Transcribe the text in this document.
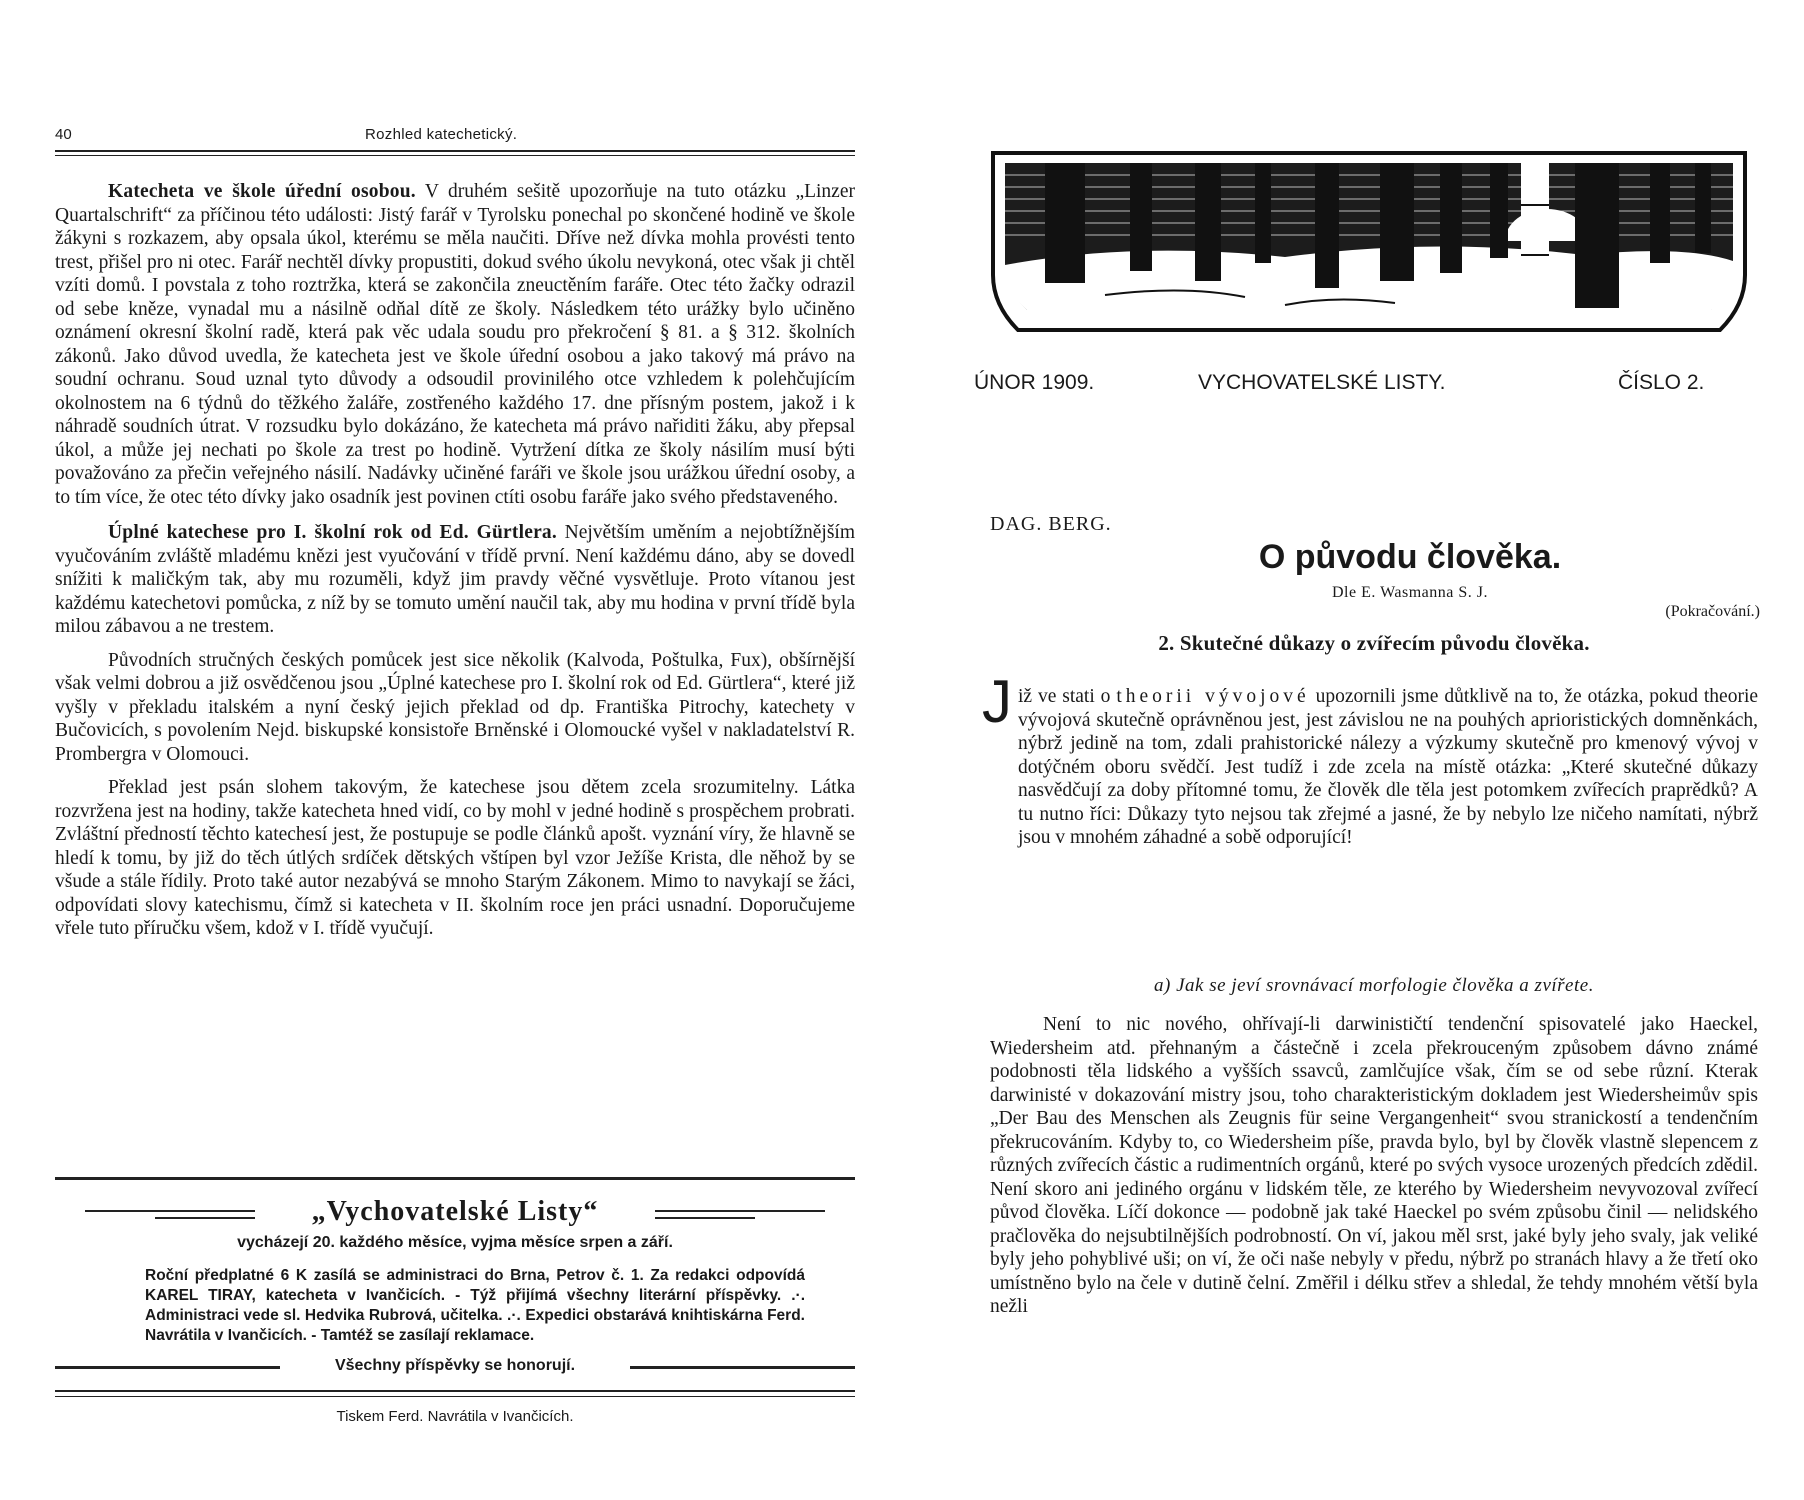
40	Rozhled katechetický.

Katecheta ve škole úřední osobou. V druhém sešitě upozorňuje na tuto otázku „Linzer Quartalschrift“ za příčinou této události: Jistý farář v Tyrolsku ponechal po skončené hodině ve škole žákyni s rozkazem, aby opsala úkol, kterému se měla naučiti. Dříve než dívka mohla provésti tento trest, přišel pro ni otec. Farář nechtěl dívky propustiti, dokud svého úkolu nevykoná, otec však ji chtěl vzíti domů. I povstala z toho roztržka, která se zakončila zneuctěním faráře. Otec této žačky odrazil od sebe kněze, vynadal mu a násilně odňal dítě ze školy. Následkem této urážky bylo učiněno oznámení okresní školní radě, která pak věc udala soudu pro překročení § 81. a § 312. školních zákonů. Jako důvod uvedla, že katecheta jest ve škole úřední osobou a jako takový má právo na soudní ochranu. Soud uznal tyto důvody a odsoudil provinilého otce vzhledem k polehčujícím okolnostem na 6 týdnů do těžkého žaláře, zostřeného každého 17. dne přísným postem, jakož i k náhradě soudních útrat. V rozsudku bylo dokázáno, že katecheta má právo nařiditi žáku, aby přepsal úkol, a může jej nechati po škole za trest po hodině. Vytržení dítka ze školy násilím musí býti považováno za přečin veřejného násilí. Nadávky učiněné faráři ve škole jsou urážkou úřední osoby, a to tím více, že otec této dívky jako osadník jest povinen ctíti osobu faráře jako svého představeného.

Úplné katechese pro I. školní rok od Ed. Gürtlera. Největším uměním a nejobtížnějším vyučováním zvláště mladému knězi jest vyučování v třídě první. Není každému dáno, aby se dovedl snížiti k maličkým tak, aby mu rozuměli, když jim pravdy věčné vysvětluje. Proto vítanou jest každému katechetovi pomůcka, z níž by se tomuto umění naučil tak, aby mu hodina v první třídě byla milou zábavou a ne trestem.

Původních stručných českých pomůcek jest sice několik (Kalvoda, Poštulka, Fux), obšírnější však velmi dobrou a již osvědčenou jsou „Úplné katechese pro I. školní rok od Ed. Gürtlera“, které již vyšly v překladu italském a nyní český jejich překlad od dp. Františka Pitrochy, katechety v Bučovicích, s povolením Nejd. biskupské konsistoře Brněnské i Olomoucké vyšel v nakladatelství R. Prombergra v Olomouci.

Překlad jest psán slohem takovým, že katechese jsou dětem zcela srozumitelny. Látka rozvržena jest na hodiny, takže katecheta hned vidí, co by mohl v jedné hodině s prospěchem probrati. Zvláštní předností těchto katechesí jest, že postupuje se podle článků apošt. vyznání víry, že hlavně se hledí k tomu, by již do těch útlých srdíček dětských vštípen byl vzor Ježíše Krista, dle něhož by se všude a stále řídily. Proto také autor nezabývá se mnoho Starým Zákonem. Mimo to navykají se žáci, odpovídati slovy katechismu, čímž si katecheta v II. školním roce jen práci usnadní. Doporučujeme vřele tuto příručku všem, kdož v I. třídě vyučují.

„Vychovatelské Listy“
vycházejí 20. každého měsíce, vyjma měsíce srpen a září.
Roční předplatné 6 K zasílá se administraci do Brna, Petrov č. 1. Za redakci odpovídá KAREL TIRAY, katecheta v Ivančicích. - Týž přijímá všechny literární příspěvky. .·. Administraci vede sl. Hedvika Rubrová, učitelka. .·. Expedici obstarává knihtiskárna Ferd. Navrátila v Ivančicích. - Tamtéž se zasílají reklamace.
Všechny příspěvky se honorují.
Tiskem Ferd. Navrátila v Ivančicích.
ÚNOR 1909.	VYCHOVATELSKÉ LISTY.	ČÍSLO 2.
DAG. BERG.
O původu člověka.
Dle E. Wasmanna S. J.
(Pokračování.)
2. Skutečné důkazy o zvířecím původu člověka.
J iž ve stati o theorii vývojové upozornili jsme důtklivě na to, že otázka, pokud theorie vývojová skutečně oprávněnou jest, jest závislou ne na pouhých aprioristických domněnkách, nýbrž jedině na tom, zdali prahistorické nálezy a výzkumy skutečně pro kmenový vývoj v dotýčném oboru svědčí. Jest tudíž i zde zcela na místě otázka: „Které skutečné důkazy nasvědčují za doby přítomné tomu, že člověk dle těla jest potomkem zvířecích praprědků? A tu nutno říci: Důkazy tyto nejsou tak zřejmé a jasné, že by nebylo lze ničeho namítati, nýbrž jsou v mnohém záhadné a sobě odporující!

a) Jak se jeví srovnávací morfologie člověka a zvířete.

Není to nic nového, ohřívají-li darwinističtí tendenční spisovatelé jako Haeckel, Wiedersheim atd. přehnaným a částečně i zcela překrouceným způsobem dávno známé podobnosti těla lidského a vyšších ssavců, zamlčujíce však, čím se od sebe různí. Kterak darwinisté v dokazování mistry jsou, toho charakteristickým dokladem jest Wiedersheimův spis „Der Bau des Menschen als Zeugnis für seine Vergangenheit“ svou stranickostí a tendenčním překrucováním. Kdyby to, co Wiedersheim píše, pravda bylo, byl by člověk vlastně slepencem z různých zvířecích částic a rudimentních orgánů, které po svých vysoce urozených předcích zdědil. Není skoro ani jediného orgánu v lidském těle, ze kterého by Wiedersheim nevyvozoval zvířecí původ člověka. Líčí dokonce — podobně jak také Haeckel po svém způsobu činil — nelidského pračlověka do nejsubtilnějších podrobností. On ví, jakou měl srst, jaké byly jeho svaly, jak veliké byly jeho pohyblivé uši; on ví, že oči naše nebyly v předu, nýbrž po stranách hlavy a že třetí oko umístněno bylo na čele v dutině čelní. Změřil i délku střev a shledal, že tehdy mnohém větší byla nežli
